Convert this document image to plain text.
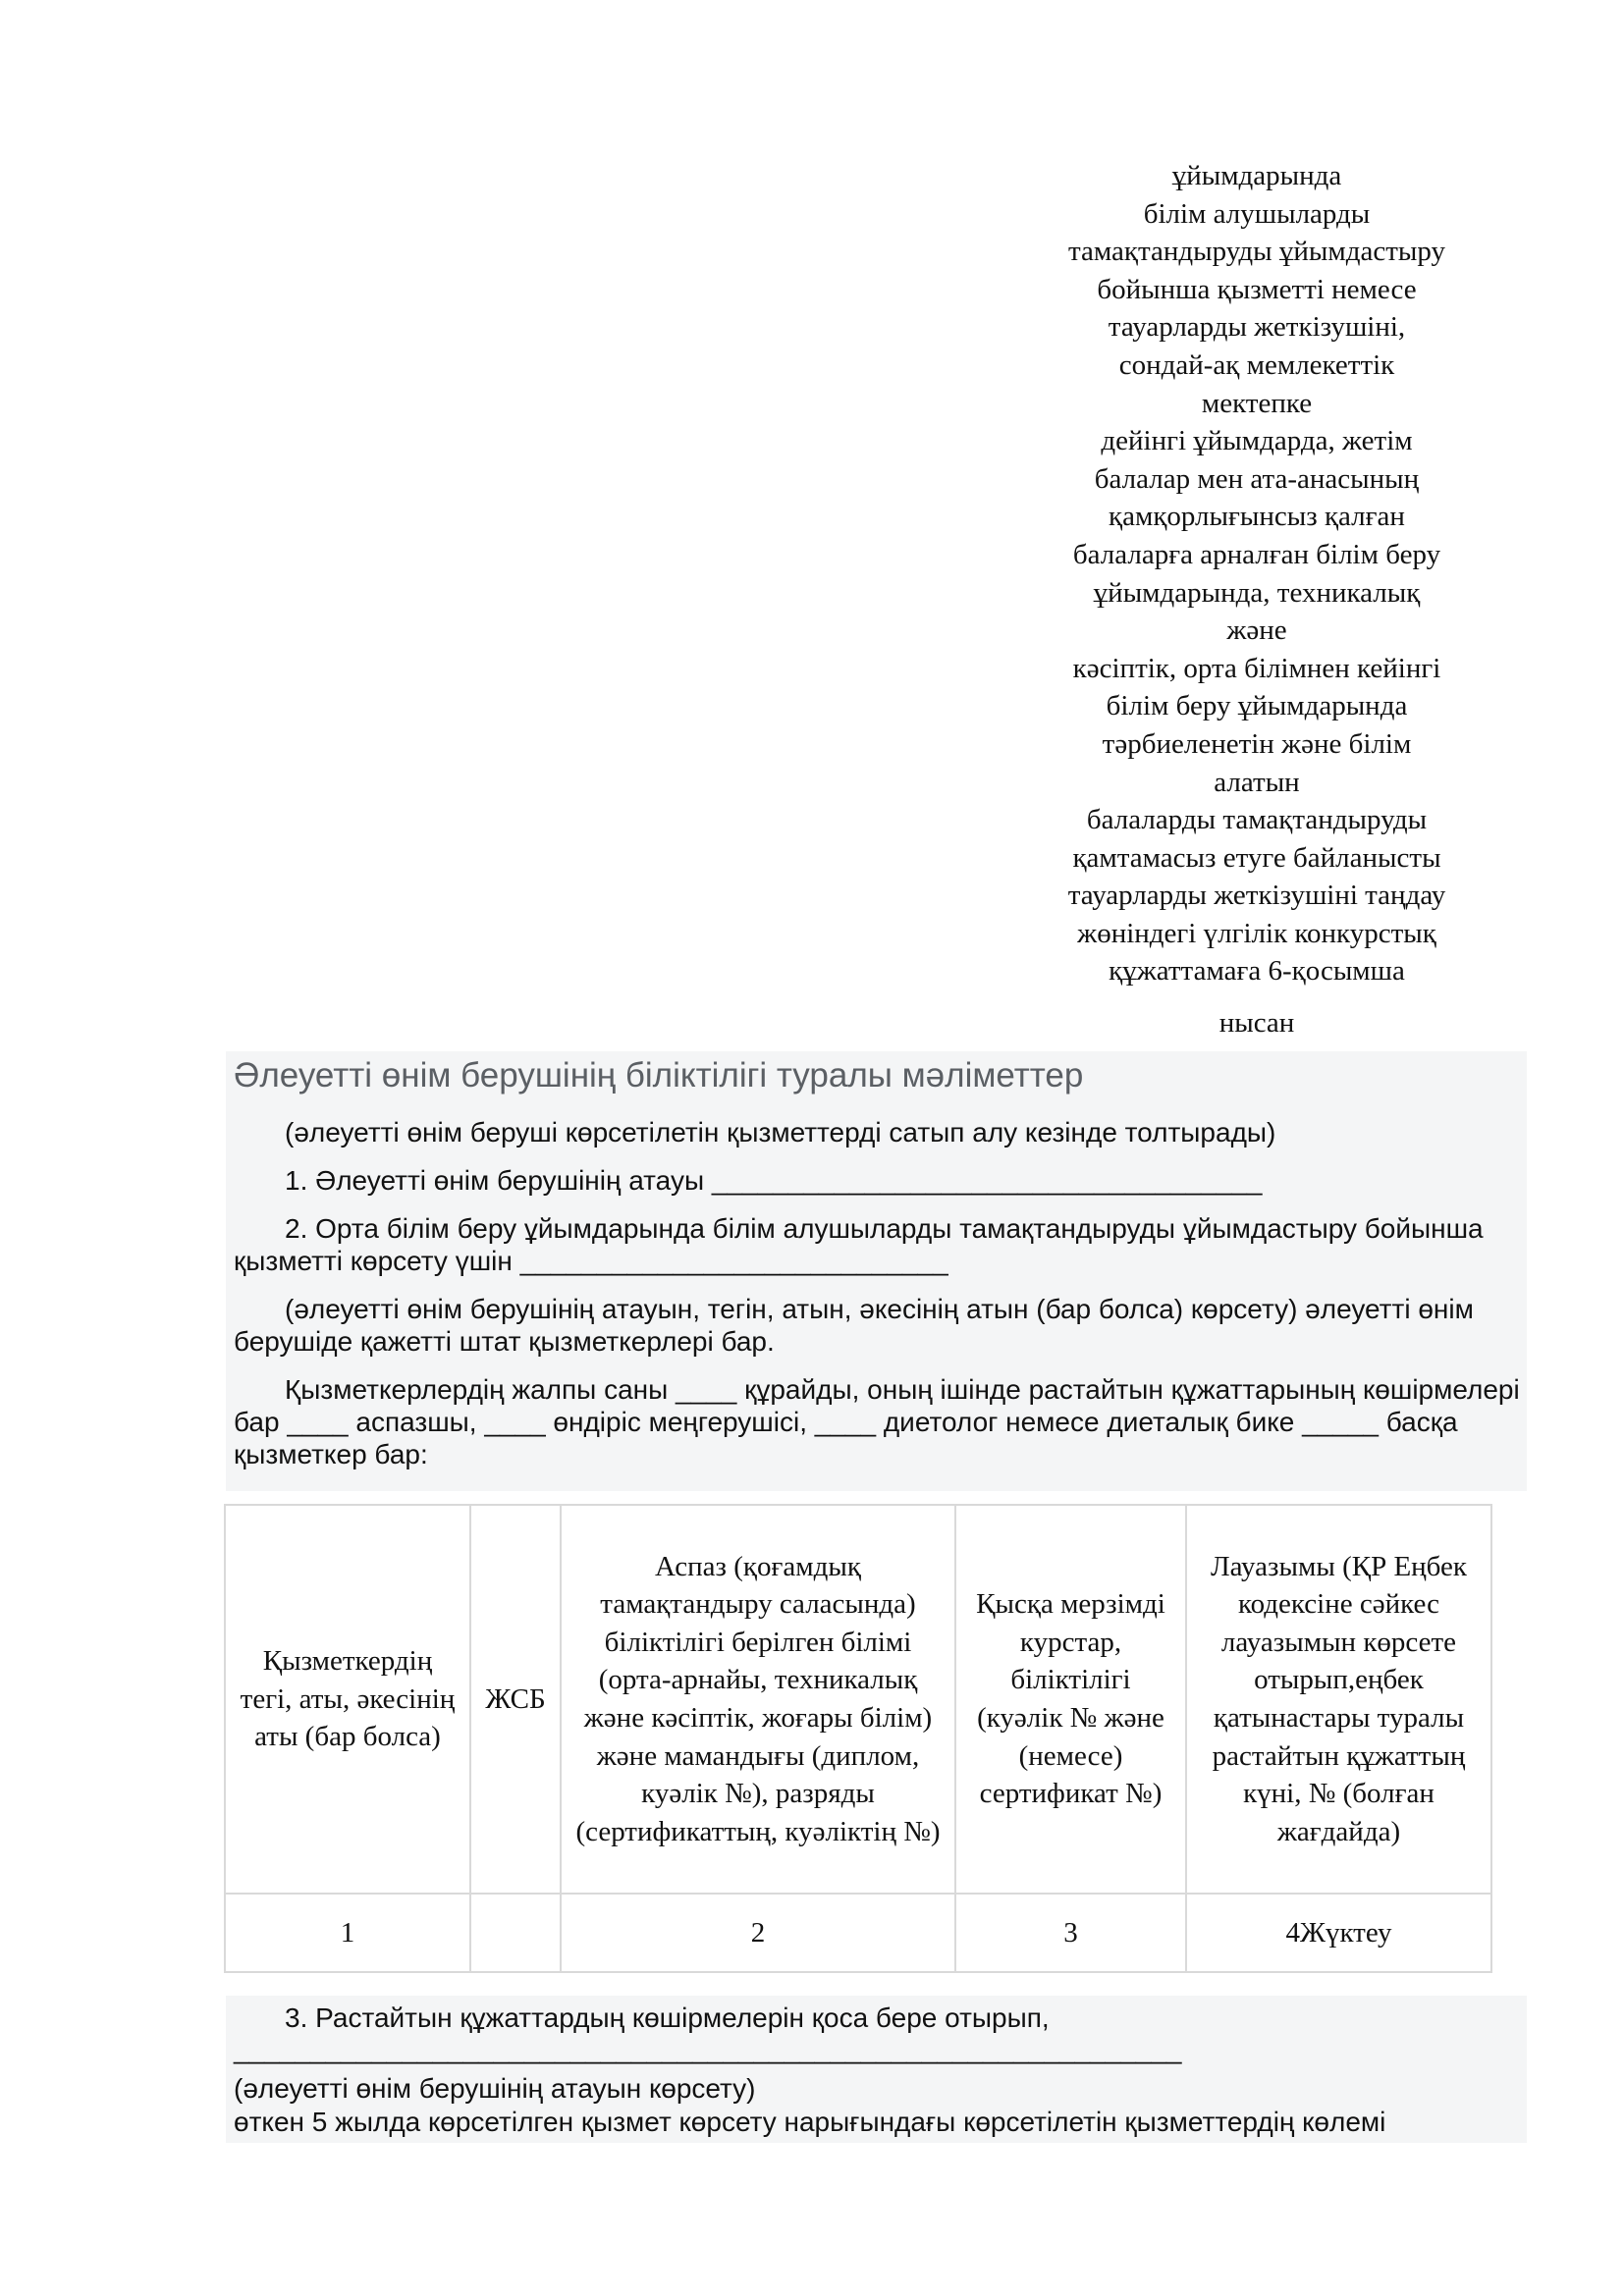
ұйымдарында
білім алушыларды
тамақтандыруды ұйымдастыру
бойынша қызметті немесе
тауарларды жеткізушіні,
сондай-ақ мемлекеттік
мектепке
дейінгі ұйымдарда, жетім
балалар мен ата-анасының
қамқорлығынсыз қалған
балаларға арналған білім беру
ұйымдарында, техникалық
және
кәсіптік, орта білімнен кейінгі
білім беру ұйымдарында
тәрбиеленетін және білім
алатын
балаларды тамақтандыруды
қамтамасыз етуге байланысты
тауарларды жеткізушіні таңдау
жөніндегі үлгілік конкурстық
құжаттамаға 6-қосымша
нысан
Әлеуетті өнім берушінің біліктілігі туралы мәліметтер
(әлеуетті өнім беруші көрсетілетін қызметтерді сатып алу кезінде толтырады)
1. Әлеуетті өнім берушінің атауы ____________________________________
2. Орта білім беру ұйымдарында білім алушыларды тамақтандыруды ұйымдастыру бойынша қызметті көрсету үшін ____________________________
(әлеуетті өнім берушінің атауын, тегін, атын, әкесінің атын (бар болса) көрсету) әлеуетті өнім берушіде қажетті штат қызметкерлері бар.
Қызметкерлердің жалпы саны ____ құрайды, оның ішінде растайтын құжаттарының көшірмелері бар ____ аспазшы, ____ өндіріс меңгерушісі, ____ диетолог немесе диеталық бике _____ басқа қызметкер бар:
Қызметкердің тегі, аты, әкесінің аты (бар болса)	ЖСБ	Аспаз (қоғамдық тамақтандыру саласында) біліктілігі берілген білімі (орта-арнайы, техникалық және кәсіптік, жоғары білім) және мамандығы (диплом, куәлік №), разряды (сертификаттың, куәліктің №)	Қысқа мерзімді курстар, біліктілігі (куәлік № және (немесе) сертификат №)	Лауазымы (ҚР Еңбек кодексіне сәйкес лауазымын көрсете отырып,еңбек қатынастары туралы растайтын құжаттың күні, № (болған жағдайда)
1		2	3	4Жүктеу
3. Растайтын құжаттардың көшірмелерін қоса бере отырып,
______________________________________________________________
(әлеуетті өнім берушінің атауын көрсету)
өткен 5 жылда көрсетілген қызмет көрсету нарығындағы көрсетілетін қызметтердің көлемі
